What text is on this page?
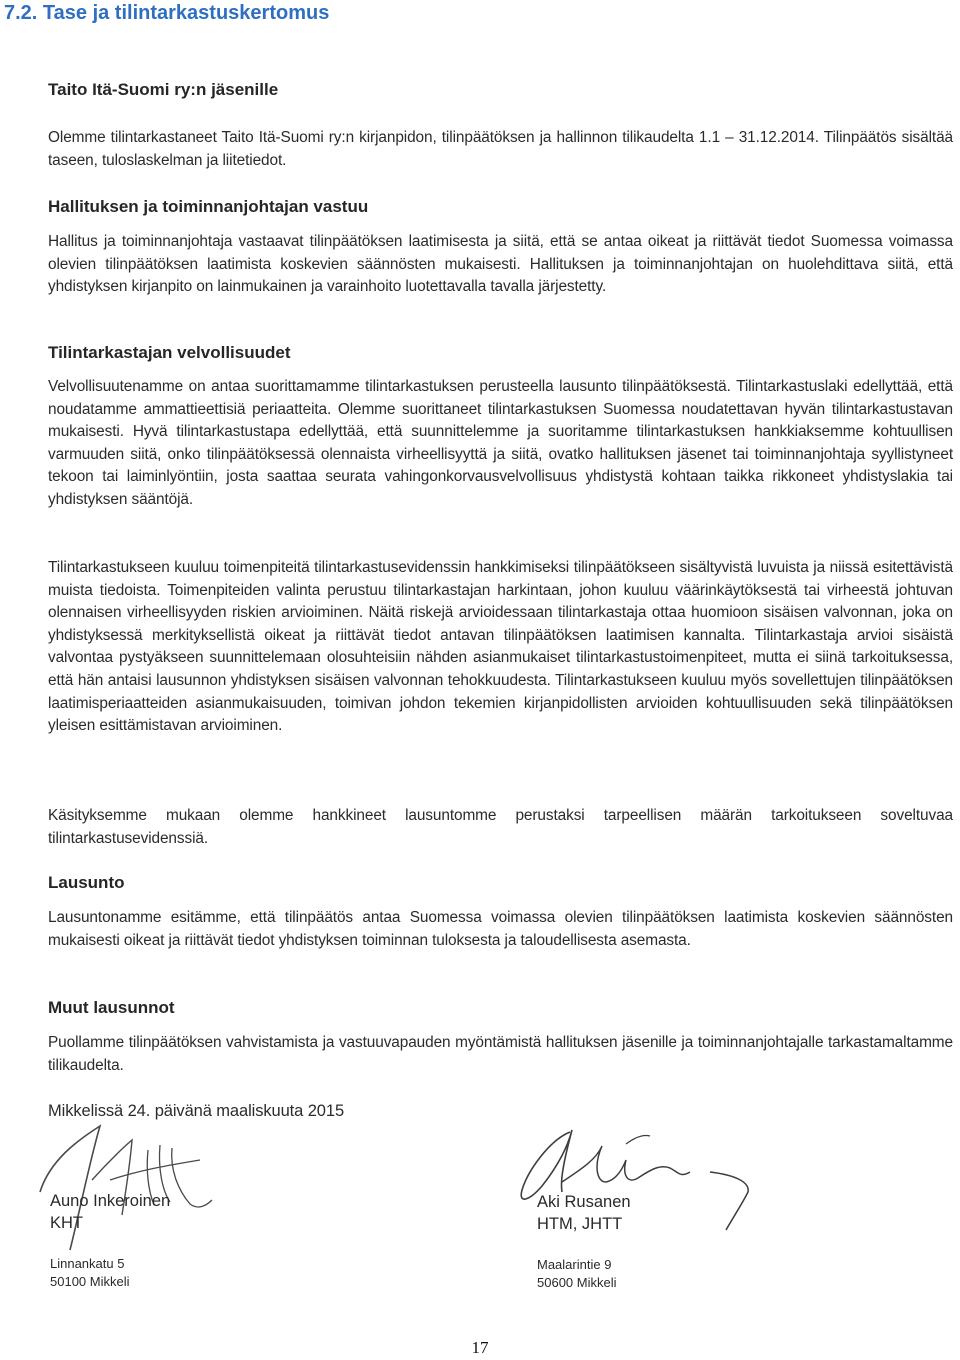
7.2. Tase ja tilintarkastuskertomus
Taito Itä-Suomi ry:n jäsenille

Olemme tilintarkastaneet Taito Itä-Suomi ry:n kirjanpidon, tilinpäätöksen ja hallinnon tilikaudelta 1.1 – 31.12.2014. Tilinpäätös sisältää taseen, tuloslaskelman ja liitetiedot.

Hallituksen ja toiminnanjohtajan vastuu

Hallitus ja toiminnanjohtaja vastaavat tilinpäätöksen laatimisesta ja siitä, että se antaa oikeat ja riittävät tiedot Suomessa voimassa olevien tilinpäätöksen laatimista koskevien säännösten mukaisesti. Hallituksen ja toiminnanjohtajan on huolehdittava siitä, että yhdistyksen kirjanpito on lainmukainen ja varainhoito luotettavalla tavalla järjestetty.

Tilintarkastajan velvollisuudet

Velvollisuutenamme on antaa suorittamamme tilintarkastuksen perusteella lausunto tilinpäätöksestä. Tilintarkastuslaki edellyttää, että noudatamme ammattieettisiä periaatteita. Olemme suorittaneet tilintarkastuksen Suomessa noudatettavan hyvän tilintarkastustavan mukaisesti. Hyvä tilintarkastustapa edellyttää, että suunnittelemme ja suoritamme tilintarkastuksen hankkiaksemme kohtuullisen varmuuden siitä, onko tilinpäätöksessä olennaista virheellisyyttä ja siitä, ovatko hallituksen jäsenet tai toiminnanjohtaja syyllistyneet tekoon tai laiminlyöntiin, josta saattaa seurata vahingonkorvausvelvollisuus yhdistystä kohtaan taikka rikkoneet yhdistyslakia tai yhdistyksen sääntöjä.

Tilintarkastukseen kuuluu toimenpiteitä tilintarkastusevidenssin hankkimiseksi tilinpäätökseen sisältyvistä luvuista ja niissä esitettävistä muista tiedoista. Toimenpiteiden valinta perustuu tilintarkastajan harkintaan, johon kuuluu väärinkäytöksestä tai virheestä johtuvan olennaisen virheellisyyden riskien arvioiminen. Näitä riskejä arvioidessaan tilintarkastaja ottaa huomioon sisäisen valvonnan, joka on yhdistyksessä merkityksellistä oikeat ja riittävät tiedot antavan tilinpäätöksen laatimisen kannalta. Tilintarkastaja arvioi sisäistä valvontaa pystyäkseen suunnittelemaan olosuhteisiin nähden asianmukaiset tilintarkastustoimenpiteet, mutta ei siinä tarkoituksessa, että hän antaisi lausunnon yhdistyksen sisäisen valvonnan tehokkuudesta. Tilintarkastukseen kuuluu myös sovellettujen tilinpäätöksen laatimisperiaatteiden asianmukaisuuden, toimivan johdon tekemien kirjanpidollisten arvioiden kohtuullisuuden sekä tilinpäätöksen yleisen esittämistavan arvioiminen.

Käsityksemme mukaan olemme hankkineet lausuntomme perustaksi tarpeellisen määrän tarkoitukseen soveltuvaa tilintarkastusevidenssiä.

Lausunto

Lausuntonamme esitämme, että tilinpäätös antaa Suomessa voimassa olevien tilinpäätöksen laatimista koskevien säännösten mukaisesti oikeat ja riittävät tiedot yhdistyksen toiminnan tuloksesta ja taloudellisesta asemasta.

Muut lausunnot

Puollamme tilinpäätöksen vahvistamista ja vastuuvapauden myöntämistä hallituksen jäsenille ja toiminnanjohtajalle tarkastamaltamme tilikaudelta.

Mikkelissä 24. päivänä maaliskuuta 2015
Auno Inkeroinen
KHT
Linnankatu 5
50100 Mikkeli
Aki Rusanen
HTM, JHTT
Maalarintie 9
50600 Mikkeli
17
